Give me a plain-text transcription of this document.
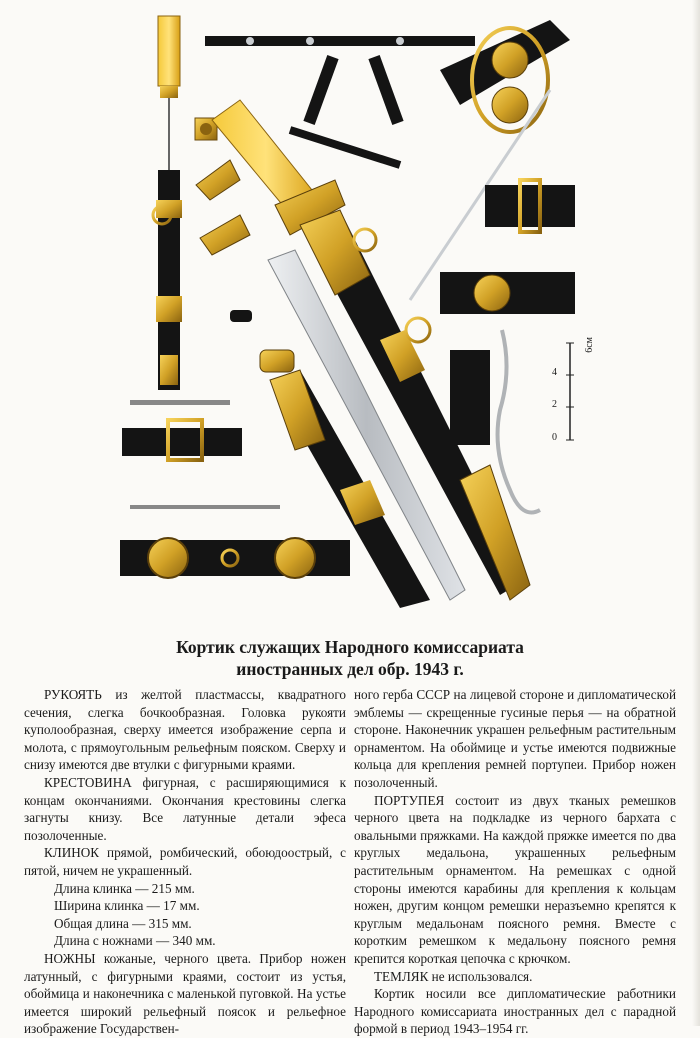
6см
4
2
0
Кортик служащих Народного комиссариата
иностранных дел обр. 1943 г.

РУКОЯТЬ из желтой пластмассы, квадратного сечения, слегка бочкообразная. Головка рукояти куполообразная, сверху имеется изображение серпа и молота, с прямоугольным рельефным пояском. Сверху и снизу имеются две втулки с фигурными краями.

КРЕСТОВИНА фигурная, с расширяющимися к концам окончаниями. Окончания крестовины слегка загнуты книзу. Все латунные детали эфеса позолоченные.

КЛИНОК прямой, ромбический, обоюдоострый, с пятой, ничем не украшенный.

Длина клинка — 215 мм.

Ширина клинка — 17 мм.

Общая длина — 315 мм.

Длина с ножнами — 340 мм.

НОЖНЫ кожаные, черного цвета. Прибор ножен латунный, с фигурными краями, состоит из устья, обоймица и наконечника с маленькой пуговкой. На устье имеется широкий рельефный поясок и рельефное изображение Государствен-

ного герба СССР на лицевой стороне и дипломатической эмблемы — скрещенные гусиные перья — на обратной стороне. Наконечник украшен рельефным растительным орнаментом. На обоймице и устье имеются подвижные кольца для крепления ремней портупеи. Прибор ножен позолоченный.

ПОРТУПЕЯ состоит из двух тканых ремешков черного цвета на подкладке из черного бархата с овальными пряжками. На каждой пряжке имеется по два круглых медальона, украшенных рельефным растительным орнаментом. На ремешках с одной стороны имеются карабины для крепления к кольцам ножен, другим концом ремешки неразъемно крепятся к круглым медальонам поясного ремня. Вместе с коротким ремешком к медальону поясного ремня крепится короткая цепочка с крючком.

ТЕМЛЯК не использовался.

Кортик носили все дипломатические работники Народного комиссариата иностранных дел с парадной формой в период 1943–1954 гг.
